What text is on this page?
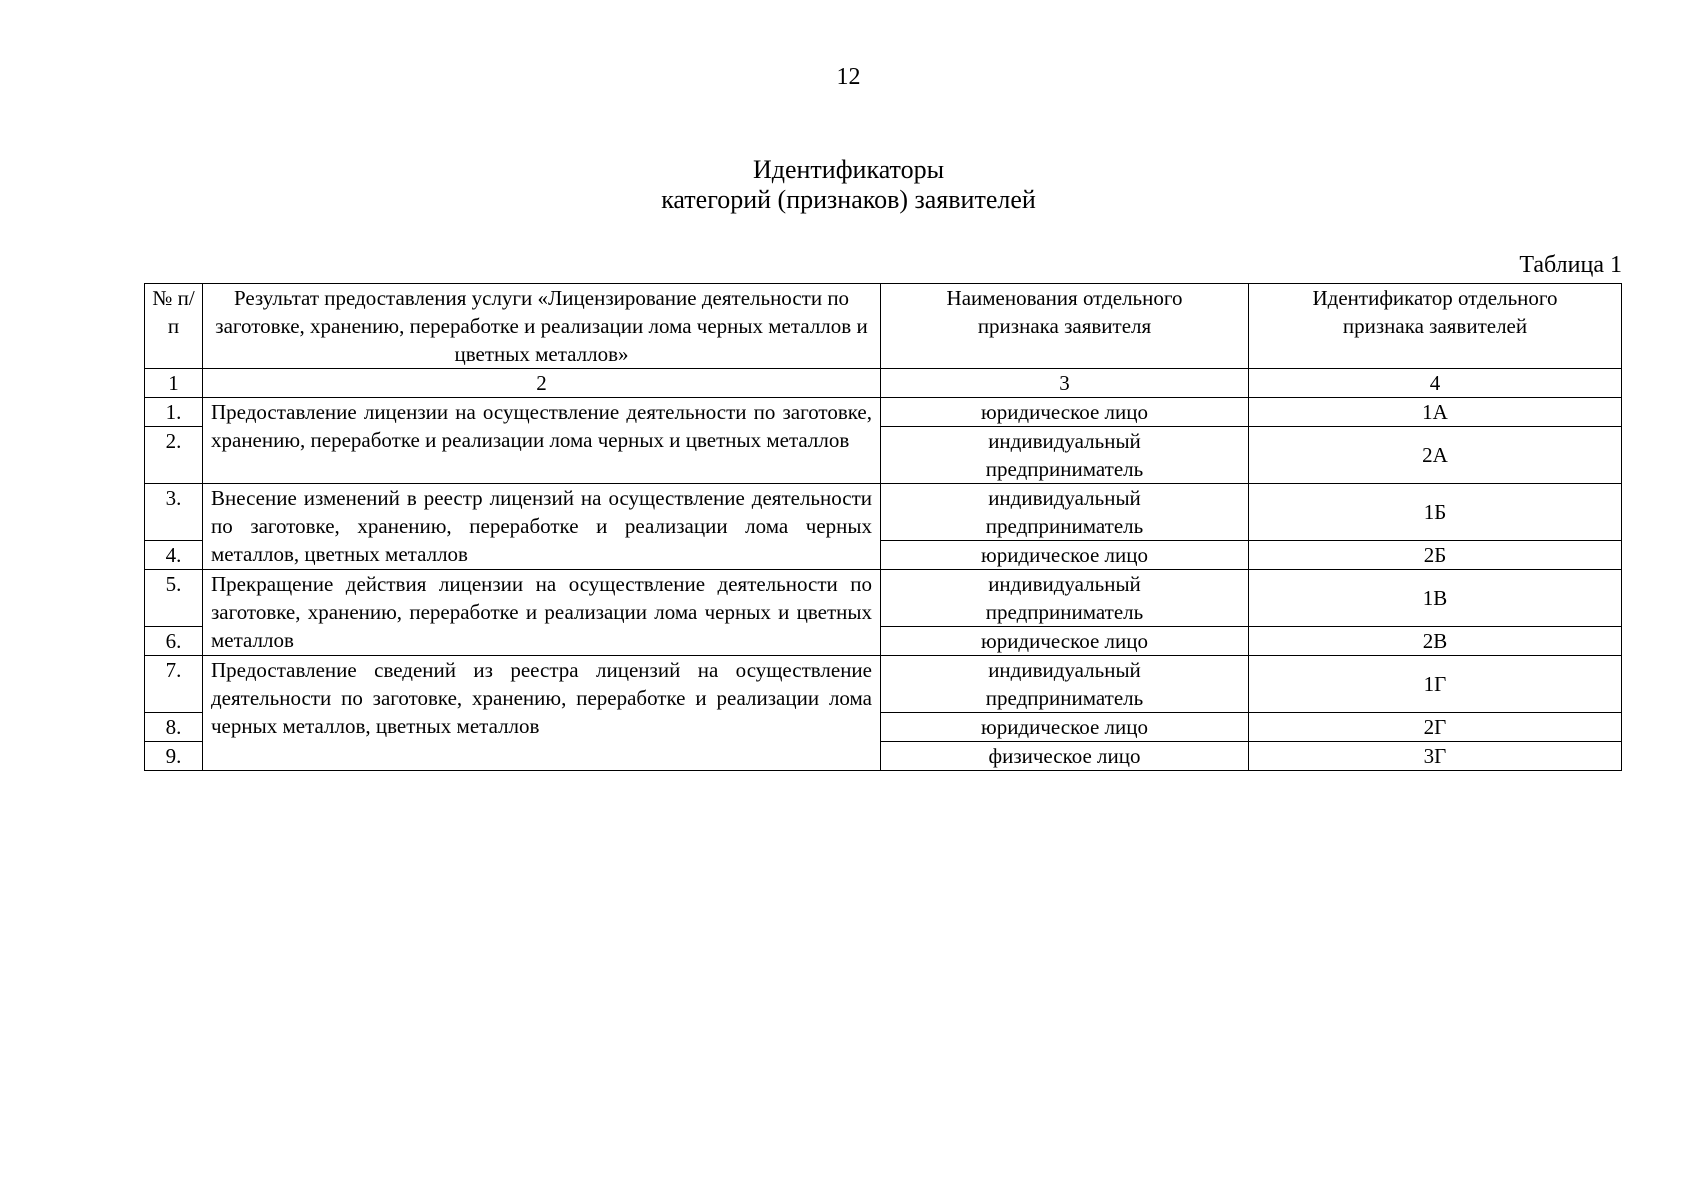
12
Идентификаторы
категорий (признаков) заявителей
Таблица 1
№ п/п	Результат предоставления услуги «Лицензирование деятельности по заготовке, хранению, переработке и реализации лома черных металлов и цветных металлов»	Наименования отдельного признака заявителя	Идентификатор отдельного признака заявителей
1	2	3	4
1.	Предоставление лицензии на осуществление деятельности по заготовке, хранению, переработке и реализации лома черных и цветных металлов	юридическое лицо	1А
2.		индивидуальный предприниматель	2А
3.	Внесение изменений в реестр лицензий на осуществление деятельности по заготовке, хранению, переработке и реализации лома черных металлов, цветных металлов	индивидуальный предприниматель	1Б
4.		юридическое лицо	2Б
5.	Прекращение действия лицензии на осуществление деятельности по заготовке, хранению, переработке и реализации лома черных и цветных металлов	индивидуальный предприниматель	1В
6.		юридическое лицо	2В
7.	Предоставление сведений из реестра лицензий на осуществление деятельности по заготовке, хранению, переработке и реализации лома черных металлов, цветных металлов	индивидуальный предприниматель	1Г
8.		юридическое лицо	2Г
9.		физическое лицо	3Г
